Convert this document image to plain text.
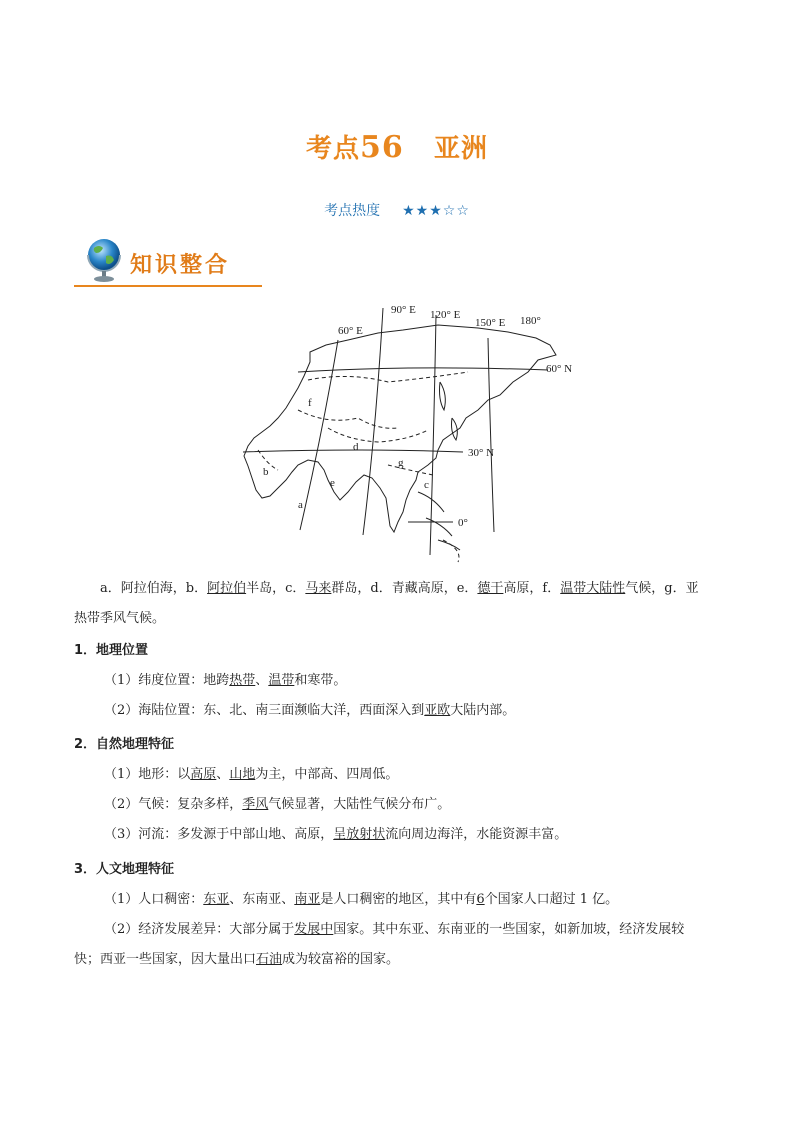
考点56 亚洲
考点热度 ★★★☆☆
知识整合
90° E 120° E
150° E 180°
60° E
60° N
30° N
0°
a
b
c
d
e
f
g
a．阿拉伯海，b．阿拉伯半岛，c．马来群岛，d．青藏高原，e．德干高原，f．温带大陆性气候，g．亚
热带季风气候。
1．地理位置
（1）纬度位置：地跨热带、温带和寒带。
（2）海陆位置：东、北、南三面濒临大洋，西面深入到亚欧大陆内部。
2．自然地理特征
（1）地形：以高原、山地为主，中部高、四周低。
（2）气候：复杂多样，季风气候显著，大陆性气候分布广。
（3）河流：多发源于中部山地、高原，呈放射状流向周边海洋，水能资源丰富。
3．人文地理特征
（1）人口稠密：东亚、东南亚、南亚是人口稠密的地区，其中有6个国家人口超过 1 亿。
（2）经济发展差异：大部分属于发展中国家。其中东亚、东南亚的一些国家，如新加坡，经济发展较
快；西亚一些国家，因大量出口石油成为较富裕的国家。
